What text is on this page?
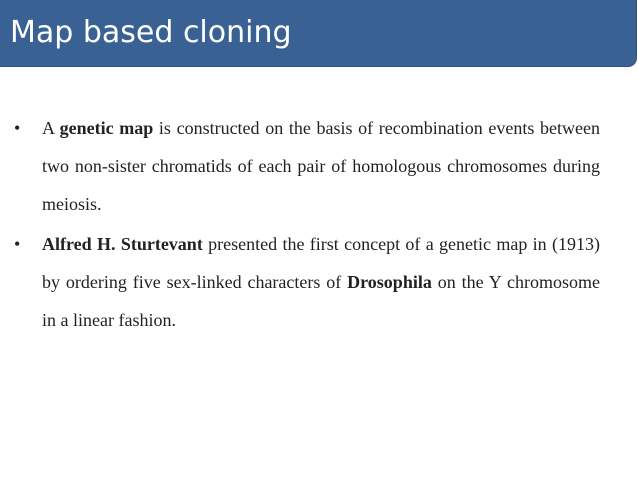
Map based cloning
• A genetic map is constructed on the basis of recombination events between two non-sister chromatids of each pair of homologous chromosomes during meiosis.
• Alfred H. Sturtevant presented the first concept of a genetic map in (1913) by ordering five sex-linked characters of Drosophila on the Y chromosome in a linear fashion.
